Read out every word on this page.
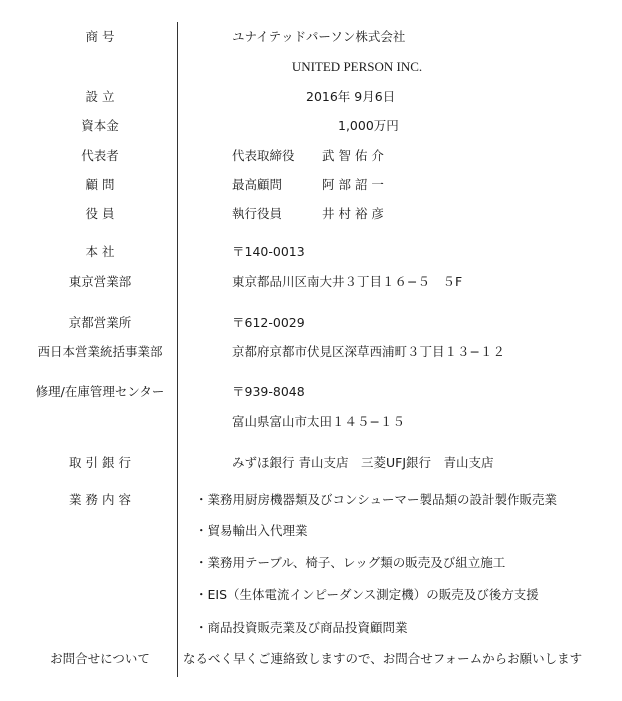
商 号	ユナイテッドパーソン株式会社
UNITED PERSON INC.
設 立	2016年 9月6日
資本金	1,000万円
代表者	代表取締役 武 智 佑 介
顧 問	最高顧問	阿 部 詔 一
役 員	執行役員	井 村 裕 彦
本 社	〒140-0013
東京営業部	東京都品川区南大井３丁目１６−５　５F
京都営業所	〒612-0029
西日本営業統括事業部	京都府京都市伏見区深草西浦町３丁目１３−１２
修理/在庫管理センター	〒939-8048
富山県富山市太田１４５−１５
取 引 銀 行	みずほ銀行 青山支店　三菱UFJ銀行　青山支店
業 務 内 容	・業務用厨房機器類及びコンシューマー製品類の設計製作販売業
・貿易輸出入代理業
・業務用テーブル、椅子、レッグ類の販売及び組立施工
・EIS（生体電流インピーダンス測定機）の販売及び後方支援
・商品投資販売業及び商品投資顧問業
お問合せについて	なるべく早くご連絡致しますので、お問合せフォームからお願いします
